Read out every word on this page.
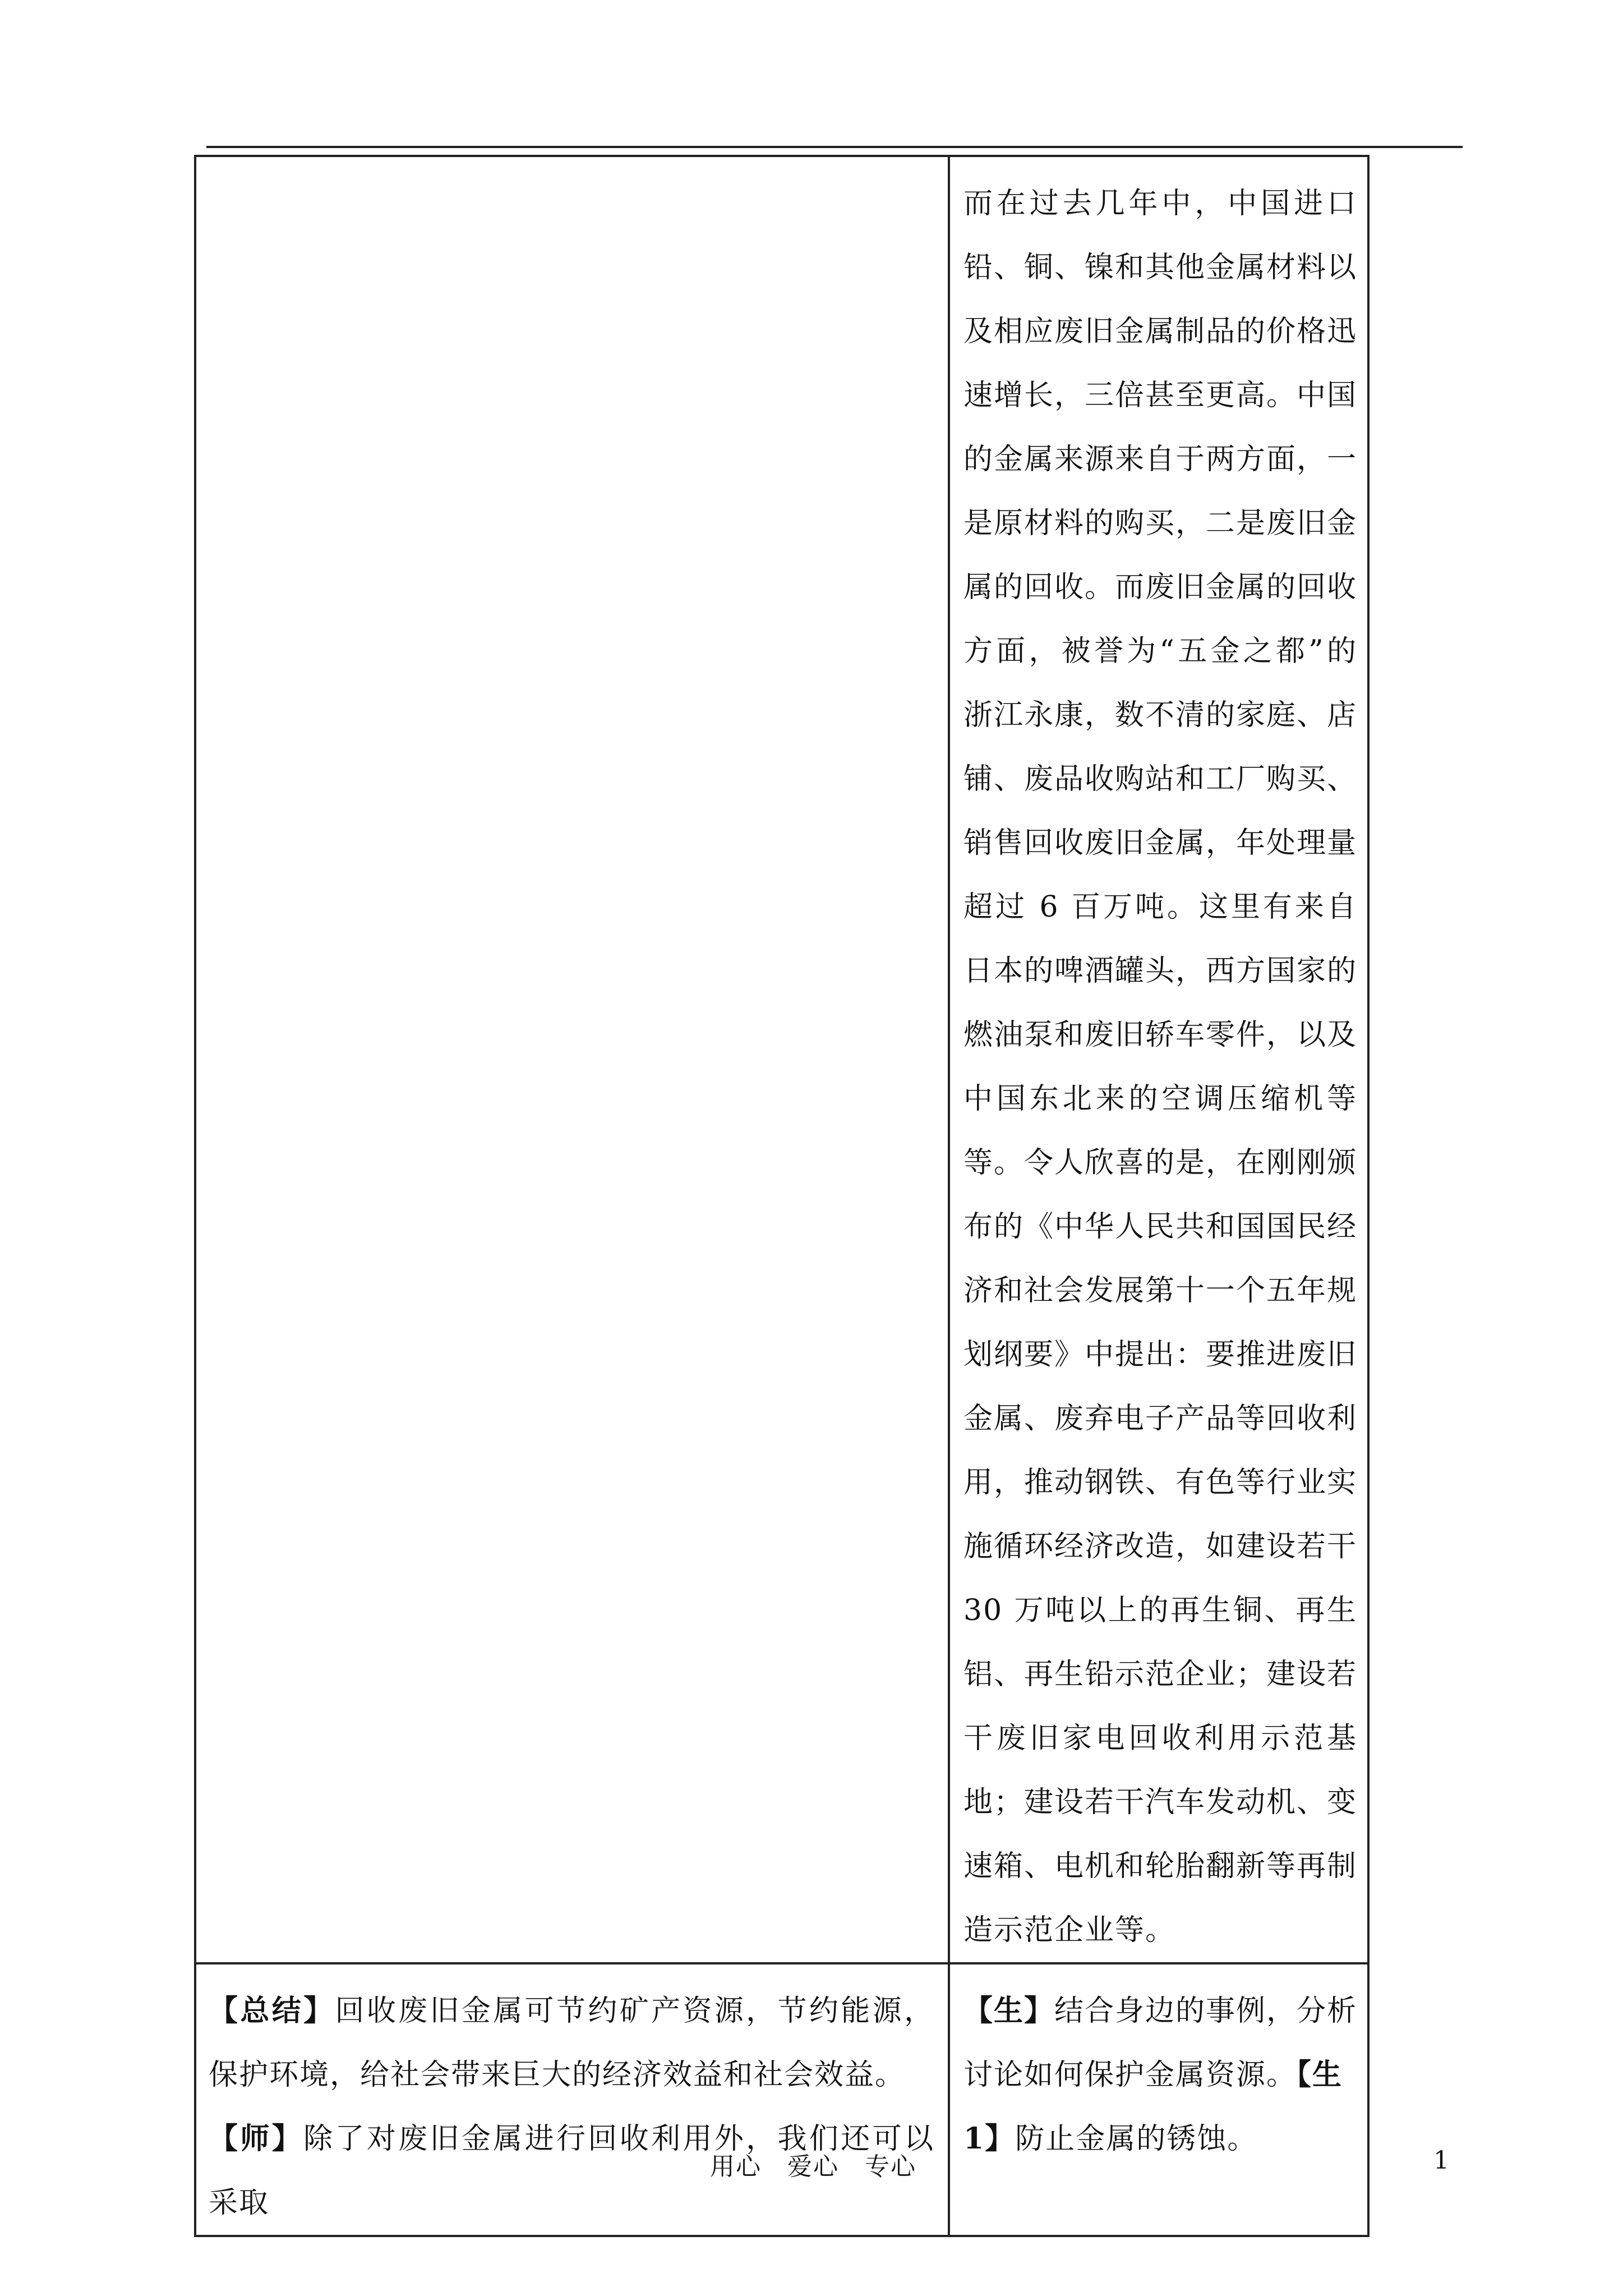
	而在过去几年中，中国进口铅、铜、镍和其他金属材料以及相应废旧金属制品的价格迅速增长，三倍甚至更高。中国的金属来源来自于两方面，一是原材料的购买，二是废旧金属的回收。而废旧金属的回收方面，被誉为“五金之都”的浙江永康，数不清的家庭、店铺、废品收购站和工厂购买、销售回收废旧金属，年处理量超过 6 百万吨。这里有来自日本的啤酒罐头，西方国家的燃油泵和废旧轿车零件，以及中国东北来的空调压缩机等等。令人欣喜的是，在刚刚颁布的《中华人民共和国国民经济和社会发展第十一个五年规划纲要》中提出：要推进废旧金属、废弃电子产品等回收利用，推动钢铁、有色等行业实施循环经济改造，如建设若干 30 万吨以上的再生铜、再生铝、再生铅示范企业；建设若干废旧家电回收利用示范基地；建设若干汽车发动机、变速箱、电机和轮胎翻新等再制造示范企业等。

【总结】回收废旧金属可节约矿产资源，节约能源，保护环境，给社会带来巨大的经济效益和社会效益。
【师】除了对废旧金属进行回收利用外，我们还可以采取	【生】结合身边的事例，分析讨论如何保护金属资源。【生 1】防止金属的锈蚀。
用心 爱心 专心	1
